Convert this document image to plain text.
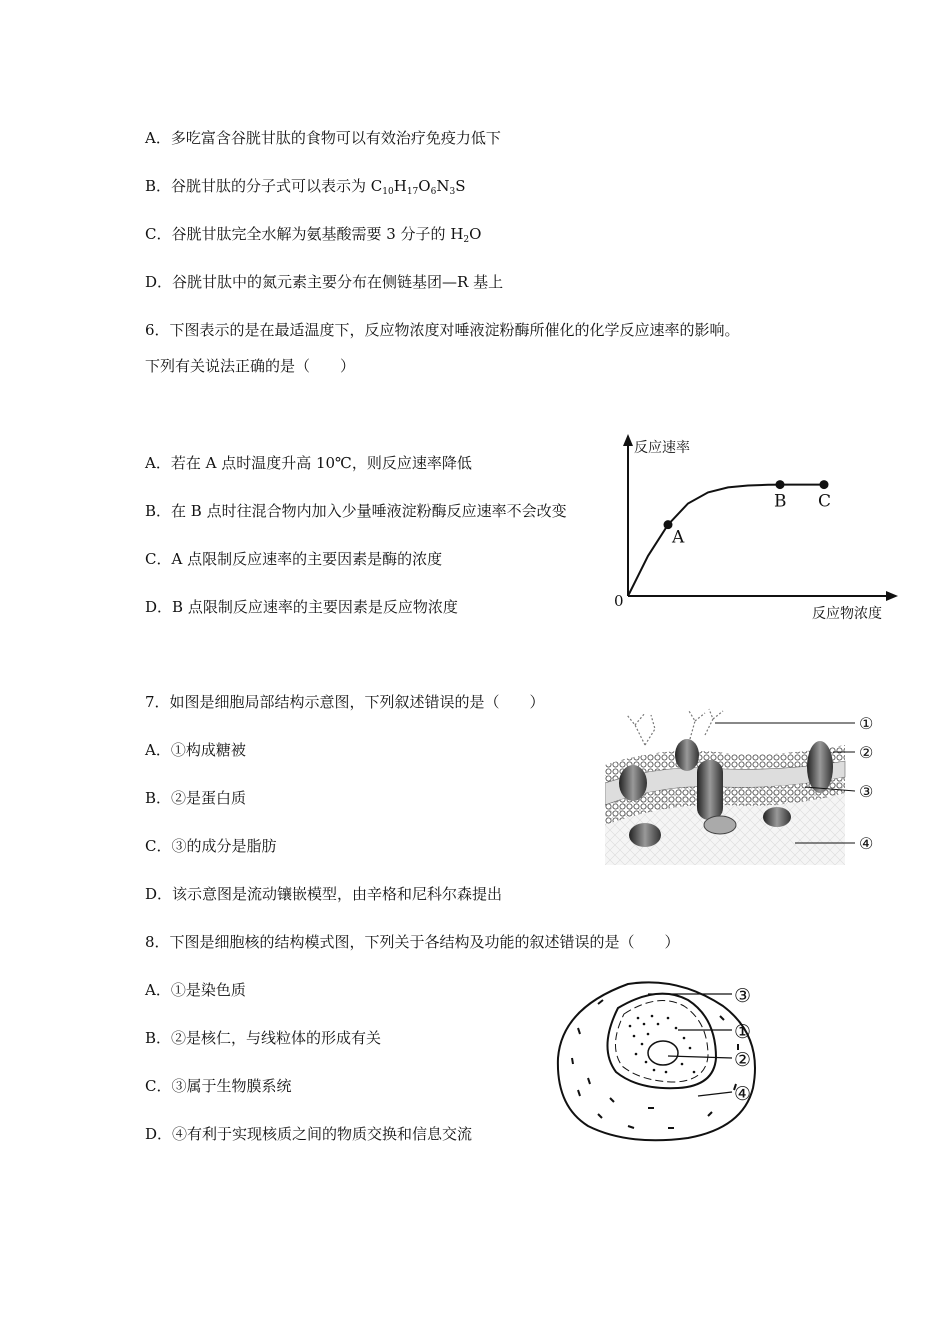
A．多吃富含谷胱甘肽的食物可以有效治疗免疫力低下
B．谷胱甘肽的分子式可以表示为 $C_{10}H_{17}O_6N_3S$
C．谷胱甘肽完全水解为氨基酸需要 3 分子的 $H_2O$
D．谷胱甘肽中的氮元素主要分布在侧链基团—R 基上
6．下图表示的是在最适温度下，反应物浓度对唾液淀粉酶所催化的化学反应速率的影响。
下列有关说法正确的是（　　）
A．若在 A 点时温度升高 10℃，则反应速率降低
B．在 B 点时往混合物内加入少量唾液淀粉酶反应速率不会改变
C．A 点限制反应速率的主要因素是酶的浓度
D．B 点限制反应速率的主要因素是反应物浓度
反应速率
反应物浓度
0
A
B C
7．如图是细胞局部结构示意图，下列叙述错误的是（　　）
A．①构成糖被
B．②是蛋白质
C．③的成分是脂肪
D．该示意图是流动镶嵌模型，由辛格和尼科尔森提出
①
②
③
④
8．下图是细胞核的结构模式图，下列关于各结构及功能的叙述错误的是（　　）
A．①是染色质
B．②是核仁，与线粒体的形成有关
C．③属于生物膜系统
D．④有利于实现核质之间的物质交换和信息交流
③
①
②
④
